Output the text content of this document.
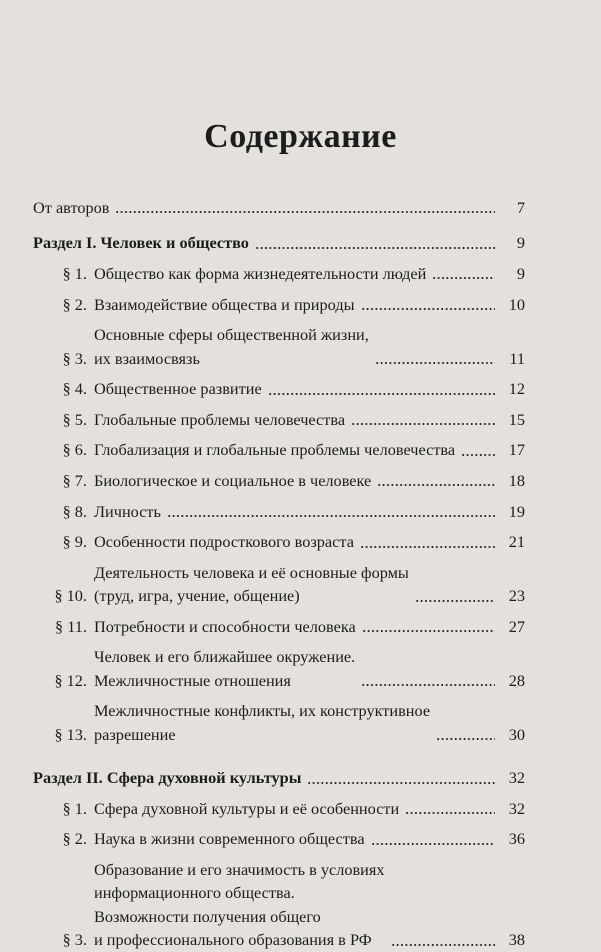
Содержание
От авторов	7
Раздел I. Человек и общество	9
§ 1. Общество как форма жизнедеятельности людей	9
§ 2. Взаимодействие общества и природы	10
§ 3.
Основные сферы общественной жизни,
их взаимосвязь	11
§ 4. Общественное развитие	12
§ 5. Глобальные проблемы человечества	15
§ 6. Глобализация и глобальные проблемы человечества	17
§ 7. Биологическое и социальное в человеке	18
§ 8. Личность	19
§ 9. Особенности подросткового возраста	21
§ 10.
Деятельность человека и её основные формы
(труд, игра, учение, общение)	23
§ 11. Потребности и способности человека	27
§ 12.
Человек и его ближайшее окружение.
Межличностные отношения	28
§ 13.
Межличностные конфликты, их конструктивное
разрешение	30
Раздел II. Сфера духовной культуры	32
§ 1. Сфера духовной культуры и её особенности	32
§ 2. Наука в жизни современного общества	36
§ 3.
Образование и его значимость в условиях
информационного общества.
Возможности получения общего
и профессионального образования в РФ	38
